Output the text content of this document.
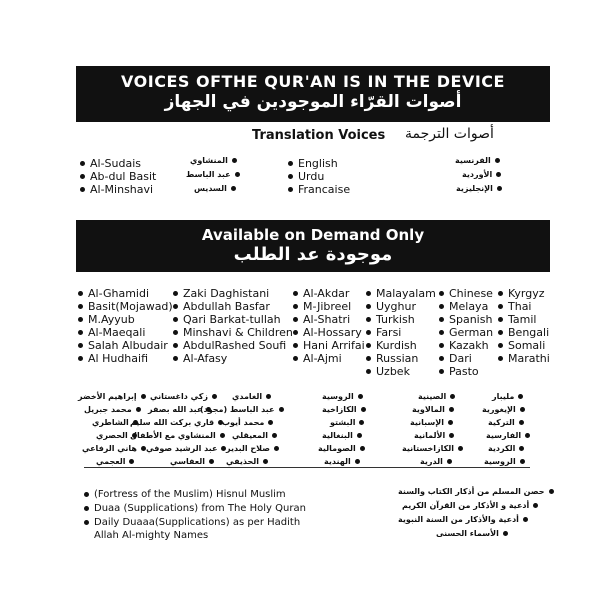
VOICES OFTHE QUR'AN IS IN THE DEVICE
أصوات القرّاء الموجودين في الجهاز
Translation Voices أصوات الترجمة
Al-Sudais
Ab-dul Basit
Al-Minshavi
المنشاوي
عبد الباسط
السديس
English
Urdu
Francaise
الفرنسية
الأوردية
الإنجليزية
Available on Demand Only
موجودة عد الطلب
Al-Ghamidi
Basit(Mojawad)
M.Ayyub
Al-Maeqali
Salah Albudair
Al Hudhaifi
Zaki Daghistani
Abdullah Basfar
Qari Barkat-tullah
Minshavi & Children
AbdulRashed Soufi
Al-Afasy
Al-Akdar
M-Jibreel
Al-Shatri
Al-Hossary
Hani Arrifai
Al-Ajmi
Malayalam
Uyghur
Turkish
Farsi
Kurdish
Russian
Uzbek
Chinese
Melaya
Spanish
German
Kazakh
Dari
Pasto
Kyrgyz
Thai
Tamil
Bengali
Somali
Marathi
إبراهيم الأخضر
محمد جبريل
الشاطري
الحصري
هاني الرفاعي
العجمي
زكي داغستاني
عبد الله بصفر
قاري بركت الله سليم
المنشاوي مع الأطفال
عبد الرشيد صوفي
العفاسي
الغامدي
عبد الباسط (مجود)
محمد أيوب
المعيقلي
صلاح البدير
الحذيفي
الروسية
الكازاخية
البشتو
البنغالية
الصومالية
الهندية
الصينية
المالاوية
الإسبانية
الألمانية
الكازاخستانية
الدرية
مليبار
الإيغورية
التركية
الفارسية
الكردية
الروسية
(Fortress of the Muslim) Hisnul Muslim
Duaa (Supplications) from The Holy Quran
Daily Duaaa(Supplications) as per Hadith
Allah Al-mighty Names
حصن المسلم من أذكار الكتاب والسنة
أدعية و الأذكار من القرآن الكريم
أدعية والأذكار من السنة النبوية
الأسماء الحسنى
